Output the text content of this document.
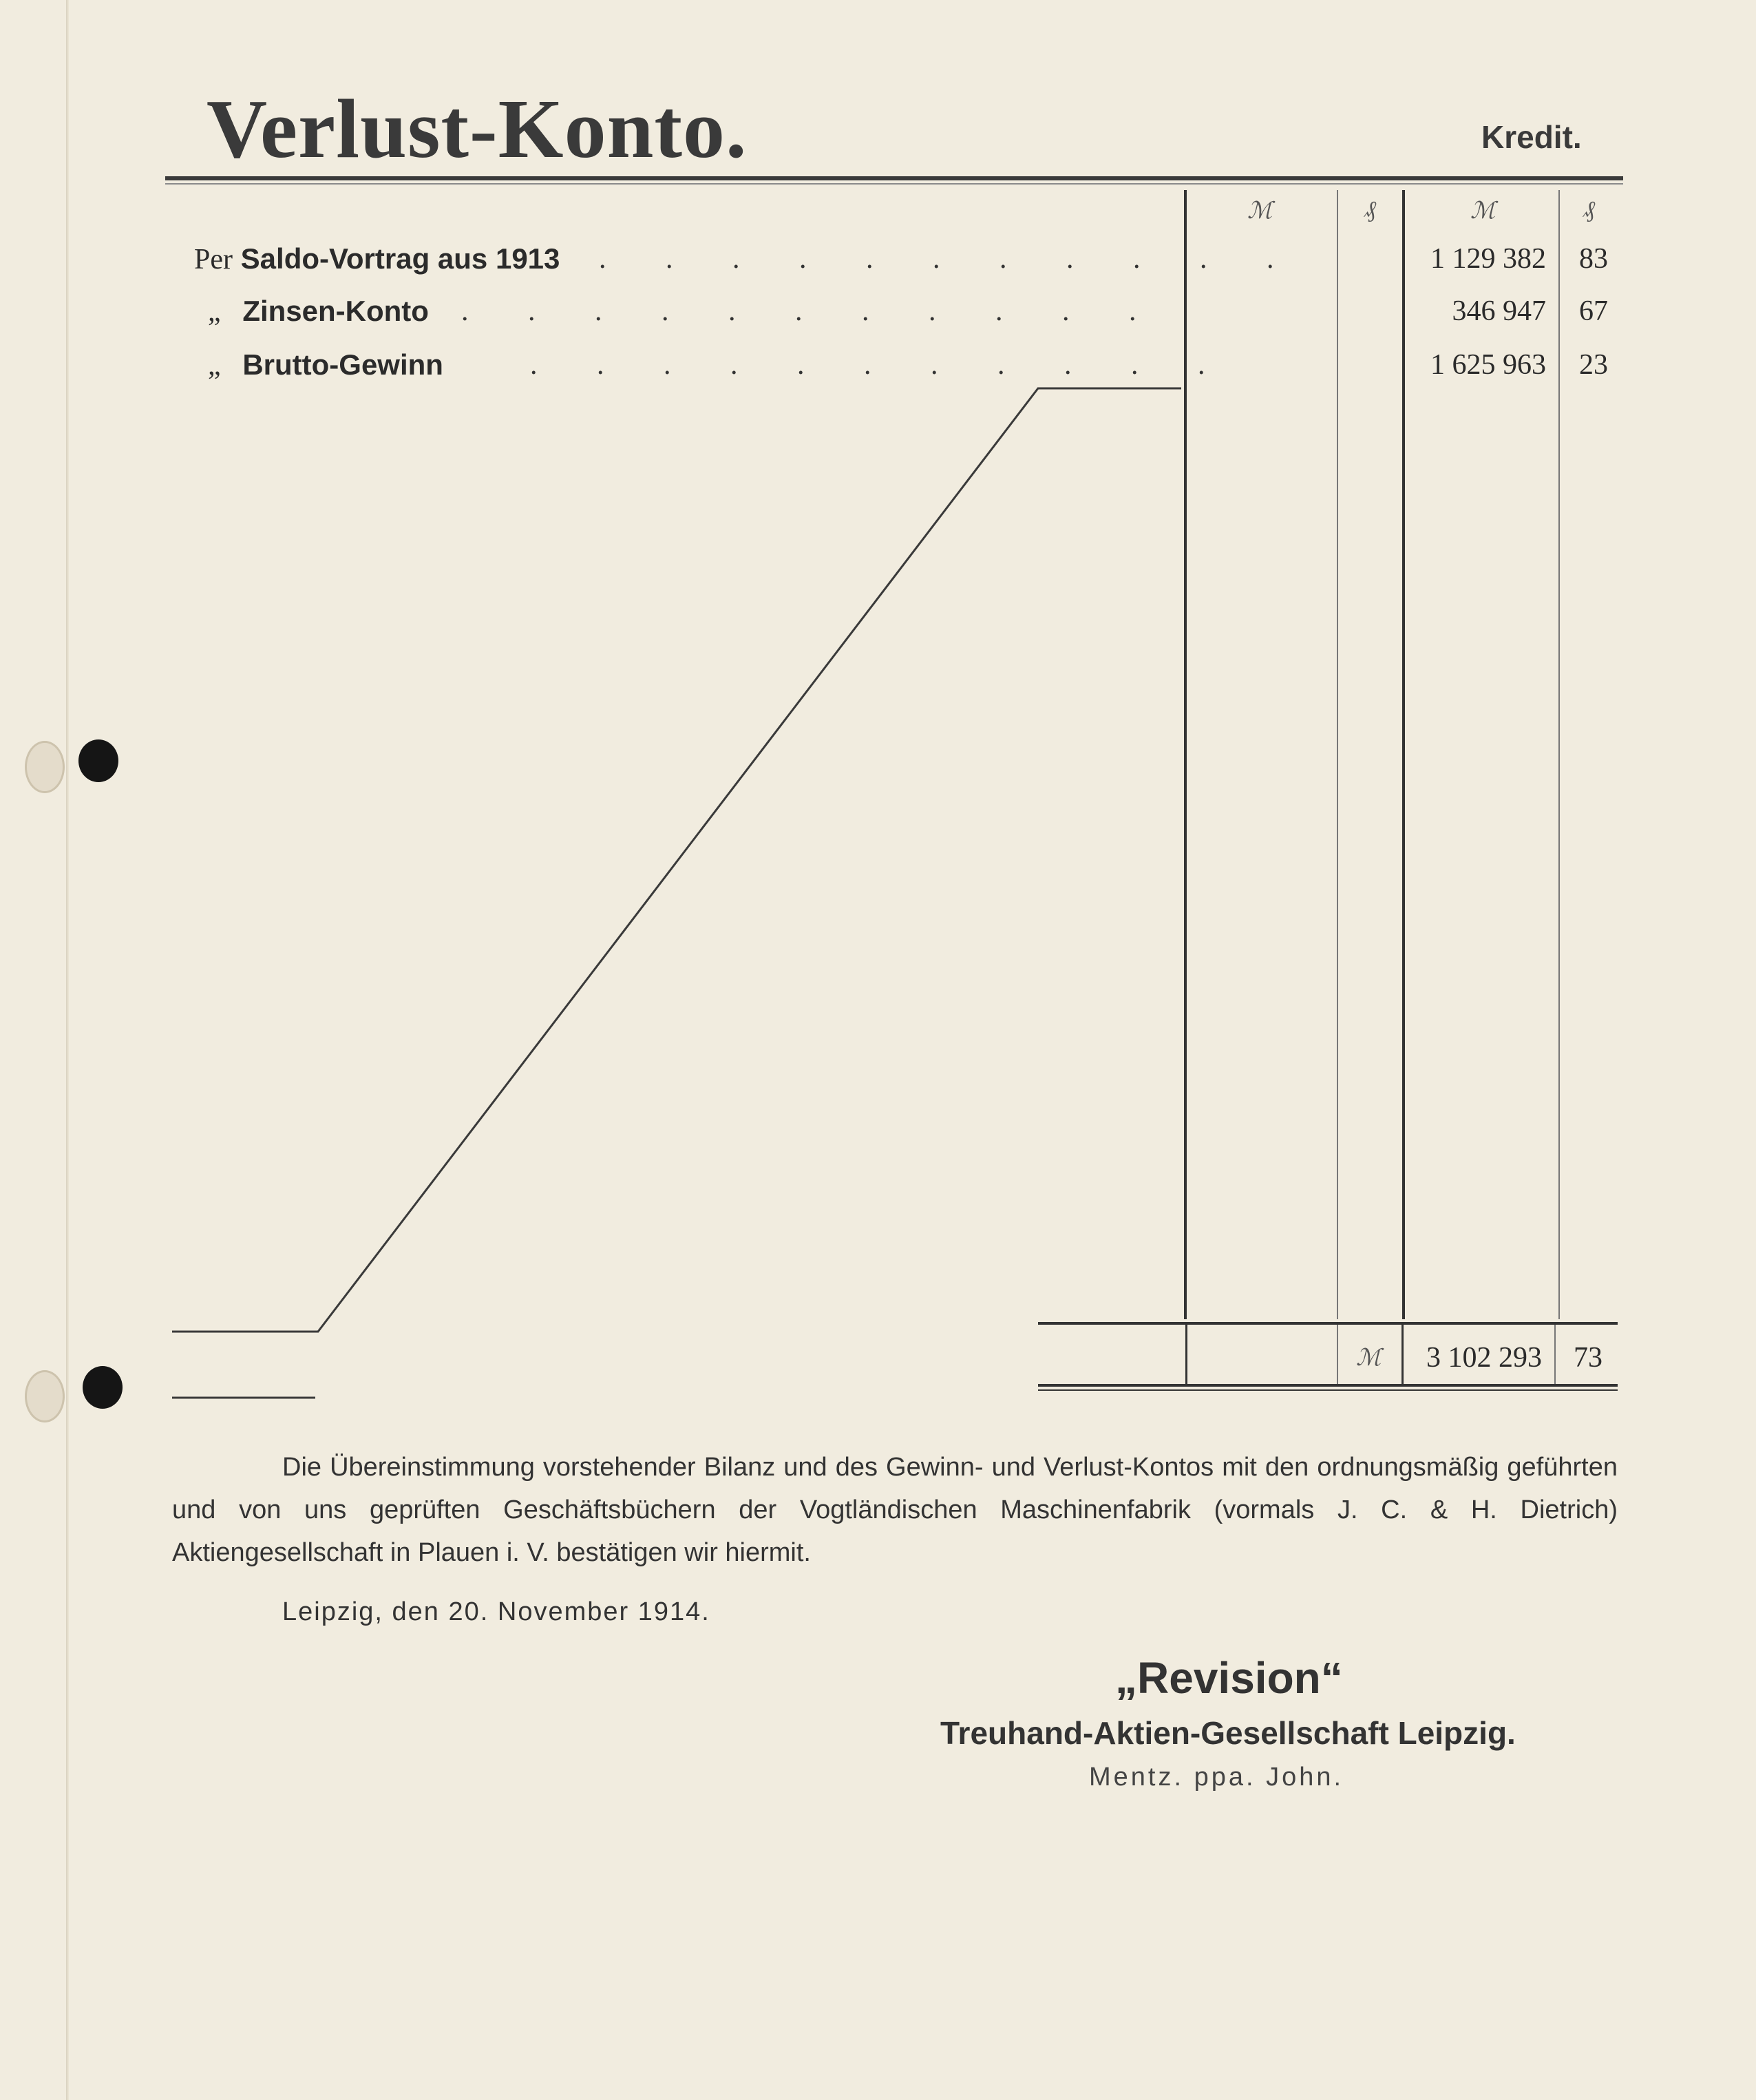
Verlust-Konto.	Kredit.
ℳ	₰	ℳ	₰
Per Saldo-Vortrag aus 1913 . . . . . . . . . . .	1 129 382	83
„ Zinsen-Konto . . . . . . . . . . .	346 947	67
„ Brutto-Gewinn	. . . . . . . . . . .	1 625 963	23
ℳ	3 102 293	73
Die Übereinstimmung vorstehender Bilanz und des Gewinn- und Verlust-Kontos mit den ordnungsmäßig geführten und von uns geprüften Geschäftsbüchern der Vogtländischen Maschinenfabrik (vormals J. C. & H. Dietrich) Aktiengesellschaft in Plauen i. V. bestätigen wir hiermit.
Leipzig, den 20. November 1914.
„Revision“
Treuhand-Aktien-Gesellschaft Leipzig.
Mentz. ppa. John.
